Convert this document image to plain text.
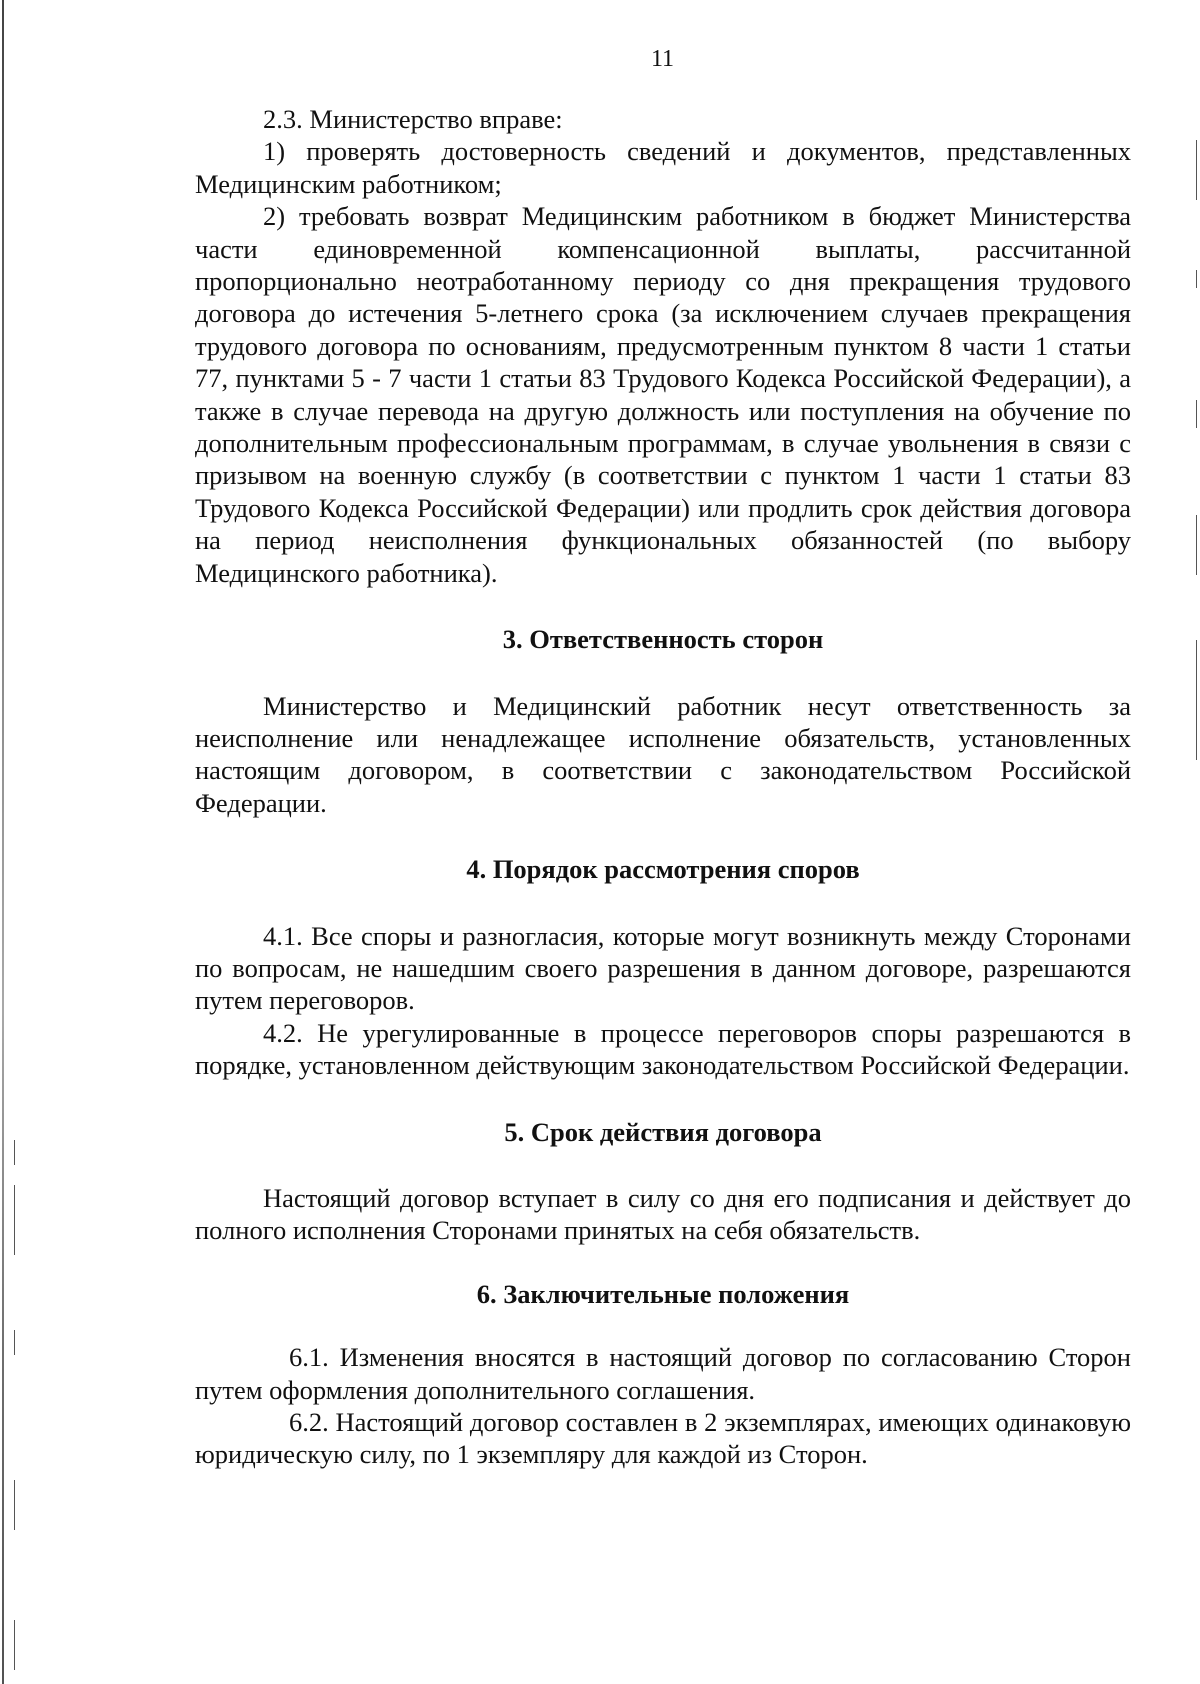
11

2.3. Министерство вправе:

1) проверять достоверность сведений и документов, представленных Медицинским работником;

2) требовать возврат Медицинским работником в бюджет Министерства части единовременной компенсационной выплаты, рассчитанной пропорционально неотработанному периоду со дня прекращения трудового договора до истечения 5-летнего срока (за исключением случаев прекращения трудового договора по основаниям, предусмотренным пунктом 8 части 1 статьи 77, пунктами 5 - 7 части 1 статьи 83 Трудового Кодекса Российской Федерации), а также в случае перевода на другую должность или поступления на обучение по дополнительным профессиональным программам, в случае увольнения в связи с призывом на военную службу (в соответствии с пунктом 1 части 1 статьи 83 Трудового Кодекса Российской Федерации) или продлить срок действия договора на период неисполнения функциональных обязанностей (по выбору Медицинского работника).

3. Ответственность сторон

Министерство и Медицинский работник несут ответственность за неисполнение или ненадлежащее исполнение обязательств, установленных настоящим договором, в соответствии с законодательством Российской Федерации.

4. Порядок рассмотрения споров

4.1. Все споры и разногласия, которые могут возникнуть между Сторонами по вопросам, не нашедшим своего разрешения в данном договоре, разрешаются путем переговоров.

4.2. Не урегулированные в процессе переговоров споры разрешаются в порядке, установленном действующим законодательством Российской Федерации.

5. Срок действия договора

Настоящий договор вступает в силу со дня его подписания и действует до полного исполнения Сторонами принятых на себя обязательств.

6. Заключительные положения

6.1. Изменения вносятся в настоящий договор по согласованию Сторон путем оформления дополнительного соглашения.

6.2. Настоящий договор составлен в 2 экземплярах, имеющих одинаковую юридическую силу, по 1 экземпляру для каждой из Сторон.
